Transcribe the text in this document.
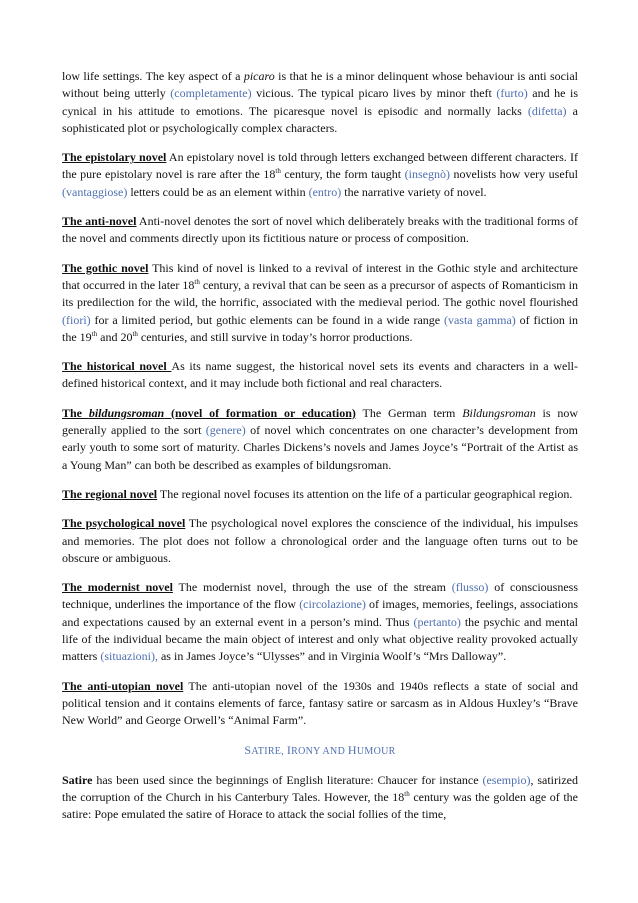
low life settings. The key aspect of a picaro is that he is a minor delinquent whose behaviour is anti social without being utterly (completamente) vicious. The typical picaro lives by minor theft (furto) and he is cynical in his attitude to emotions. The picaresque novel is episodic and normally lacks (difetta) a sophisticated plot or psychologically complex characters.

The epistolary novel An epistolary novel is told through letters exchanged between different characters. If the pure epistolary novel is rare after the 18th century, the form taught (insegnò) novelists how very useful (vantaggiose) letters could be as an element within (entro) the narrative variety of novel.

The anti-novel Anti-novel denotes the sort of novel which deliberately breaks with the traditional forms of the novel and comments directly upon its fictitious nature or process of composition.

The gothic novel This kind of novel is linked to a revival of interest in the Gothic style and architecture that occurred in the later 18th century, a revival that can be seen as a precursor of aspects of Romanticism in its predilection for the wild, the horrific, associated with the medieval period. The gothic novel flourished (fiorì) for a limited period, but gothic elements can be found in a wide range (vasta gamma) of fiction in the 19th and 20th centuries, and still survive in today’s horror productions.

The historical novel As its name suggest, the historical novel sets its events and characters in a well-defined historical context, and it may include both fictional and real characters.

The bildungsroman (novel of formation or education) The German term Bildungsroman is now generally applied to the sort (genere) of novel which concentrates on one character’s development from early youth to some sort of maturity. Charles Dickens’s novels and James Joyce’s “Portrait of the Artist as a Young Man” can both be described as examples of bildungsroman.

The regional novel The regional novel focuses its attention on the life of a particular geographical region.

The psychological novel The psychological novel explores the conscience of the individual, his impulses and memories. The plot does not follow a chronological order and the language often turns out to be obscure or ambiguous.

The modernist novel The modernist novel, through the use of the stream (flusso) of consciousness technique, underlines the importance of the flow (circolazione) of images, memories, feelings, associations and expectations caused by an external event in a person’s mind. Thus (pertanto) the psychic and mental life of the individual became the main object of interest and only what objective reality provoked actually matters (situazioni), as in James Joyce’s “Ulysses” and in Virginia Woolf’s “Mrs Dalloway”.

The anti-utopian novel The anti-utopian novel of the 1930s and 1940s reflects a state of social and political tension and it contains elements of farce, fantasy satire or sarcasm as in Aldous Huxley’s “Brave New World” and George Orwell’s “Animal Farm”.

SATIRE, IRONY AND HUMOUR

Satire has been used since the beginnings of English literature: Chaucer for instance (esempio), satirized the corruption of the Church in his Canterbury Tales. However, the 18th century was the golden age of the satire: Pope emulated the satire of Horace to attack the social follies of the time,
